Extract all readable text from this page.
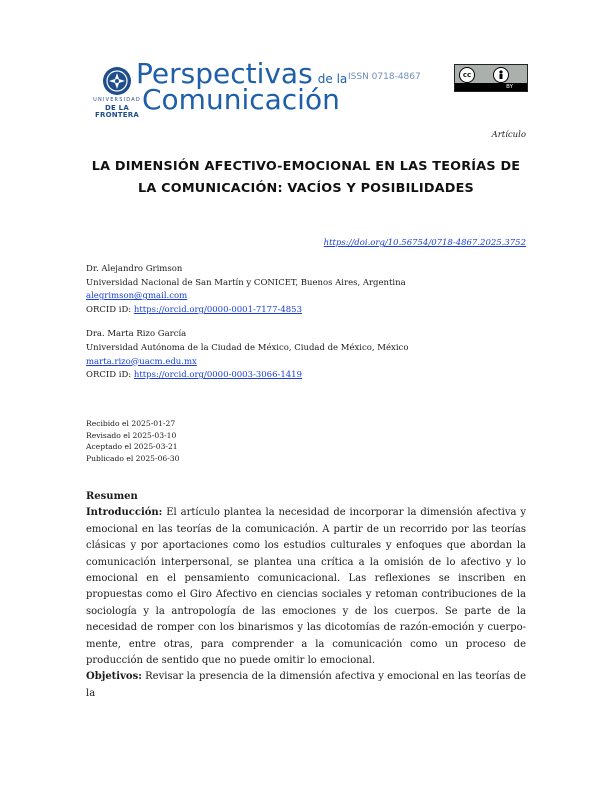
UNIVERSIDAD
DE LA FRONTERA
Perspectivas de la
Comunicación
ISSN 0718-4867	cc
BY
Artículo
LA DIMENSIÓN AFECTIVO-EMOCIONAL EN LAS TEORÍAS DE LA COMUNICACIÓN: VACÍOS Y POSIBILIDADES
https://doi.org/10.56754/0718-4867.2025.3752
Dr. Alejandro Grimson
Universidad Nacional de San Martín y CONICET, Buenos Aires, Argentina
alegrimson@gmail.com
ORCID iD: https://orcid.org/0000-0001-7177-4853
Dra. Marta Rizo García
Universidad Autónoma de la Ciudad de México, Ciudad de México, México
marta.rizo@uacm.edu.mx
ORCID iD: https://orcid.org/0000-0003-3066-1419
Recibido el 2025-01-27
Revisado el 2025-03-10
Aceptado el 2025-03-21
Publicado el 2025-06-30
Resumen

Introducción: El artículo plantea la necesidad de incorporar la dimensión afectiva y emocional en las teorías de la comunicación. A partir de un recorrido por las teorías clásicas y por aportaciones como los estudios culturales y enfoques que abordan la comunicación interpersonal, se plantea una crítica a la omisión de lo afectivo y lo emocional en el pensamiento comunicacional. Las reflexiones se inscriben en propuestas como el Giro Afectivo en ciencias sociales y retoman contribuciones de la sociología y la antropología de las emociones y de los cuerpos. Se parte de la necesidad de romper con los binarismos y las dicotomías de razón-emoción y cuerpo-mente, entre otras, para comprender a la comunicación como un proceso de producción de sentido que no puede omitir lo emocional.

Objetivos: Revisar la presencia de la dimensión afectiva y emocional en las teorías de la
